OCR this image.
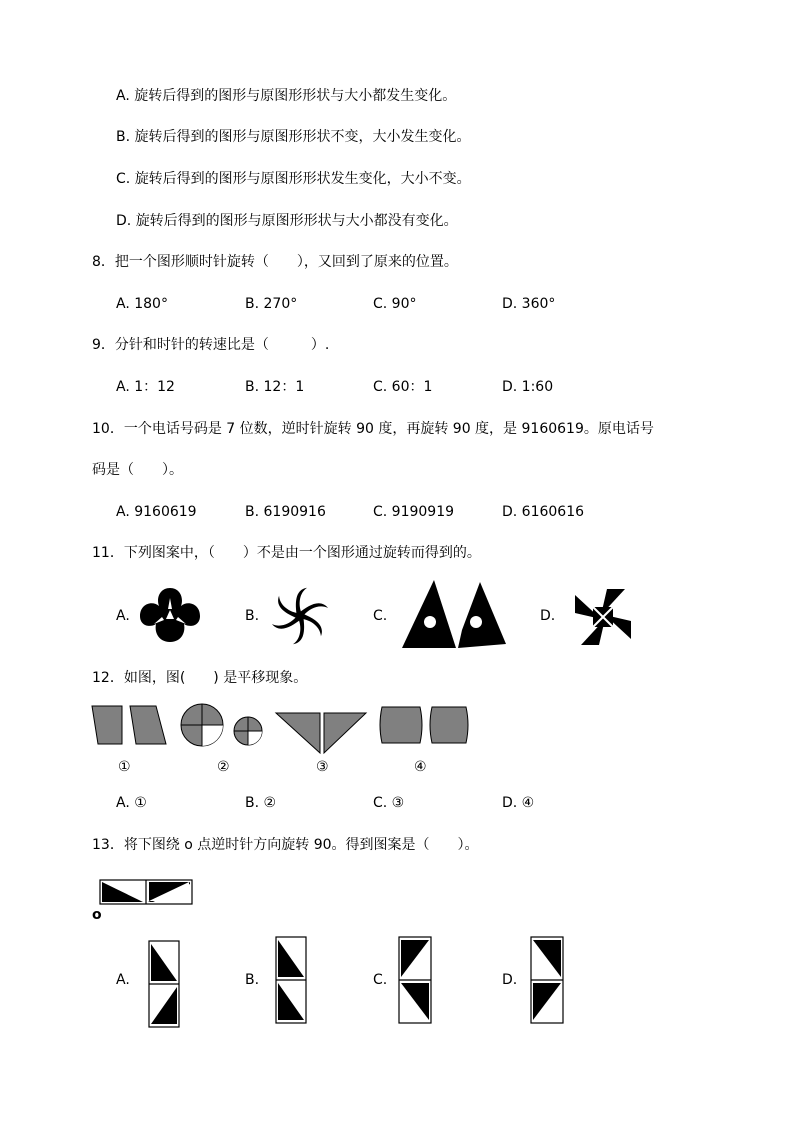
A. 旋转后得到的图形与原图形形状与大小都发生变化。
B. 旋转后得到的图形与原图形形状不变，大小发生变化。
C. 旋转后得到的图形与原图形形状发生变化，大小不变。
D. 旋转后得到的图形与原图形形状与大小都没有变化。
8．把一个图形顺时针旋转（　　），又回到了原来的位置。
A. 180°	B. 270°	C. 90°	D. 360°
9．分针和时针的转速比是（　　　）.
A. 1：12	B. 12：1	C. 60：1	D. 1:60
10．一个电话号码是 7 位数，逆时针旋转 90 度，再旋转 90 度，是 9160619。原电话号
码是（　　）。
A. 9160619	B. 6190916	C. 9190919	D. 6160616
11．下列图案中，（　　）不是由一个图形通过旋转而得到的。
A.	B.	C.	D.
12．如图，图(　　) 是平移现象。
①	②	③	④
A. ①	B. ②	C. ③	D. ④
13．将下图绕 o 点逆时针方向旋转 90。得到图案是（　　）。
o
A.	B.	C.	D.
